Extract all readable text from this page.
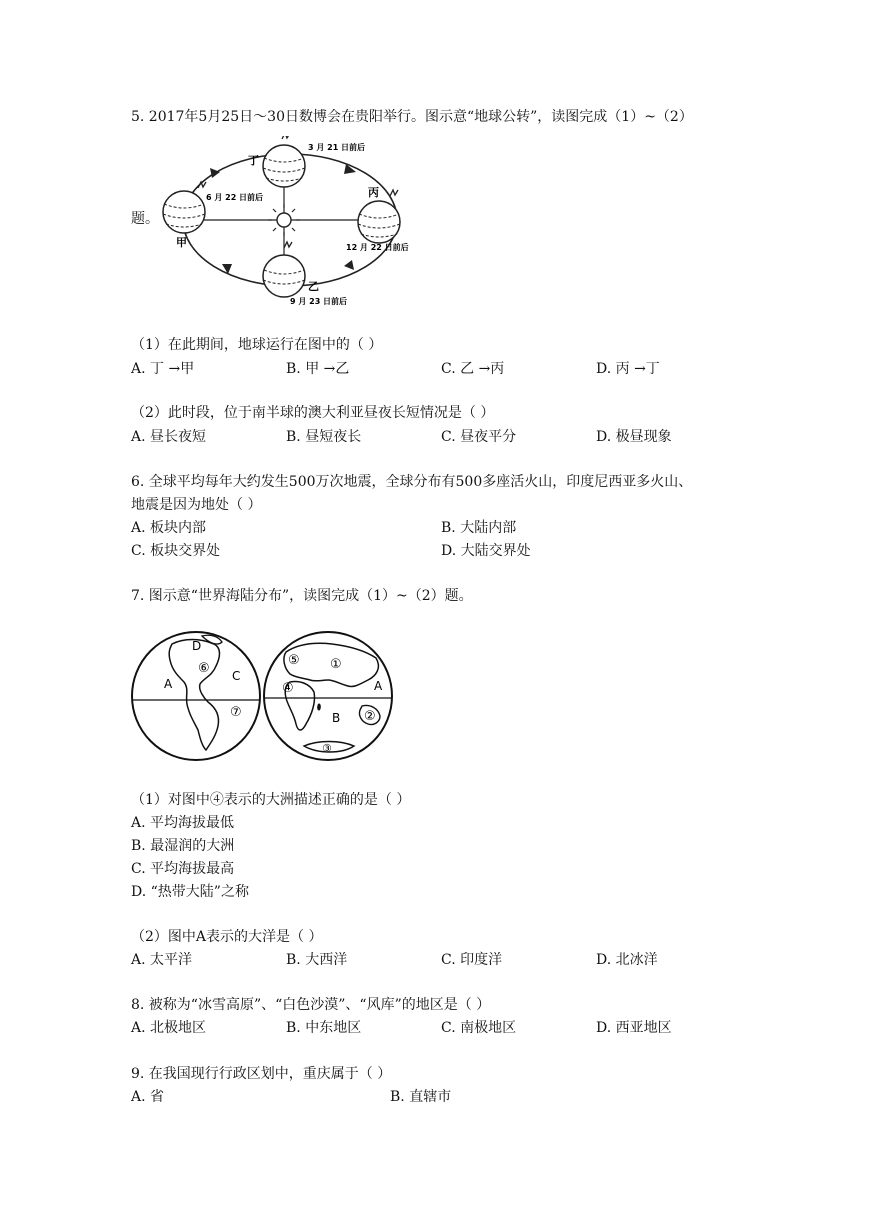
5. 2017年5月25日～30日数博会在贵阳举行。图示意“地球公转”，读图完成（1）~（2）
题。
丁
3 月 21 日前后
6 月 22 日前后
甲
丙
12 月 22 日前后
乙
9 月 23 日前后
（1）在此期间，地球运行在图中的（ ）
A. 丁 →甲	B. 甲 →乙	C. 乙 →丙	D. 丙 →丁
（2）此时段，位于南半球的澳大利亚昼夜长短情况是（ ）
A. 昼长夜短	B. 昼短夜长	C. 昼夜平分	D. 极昼现象
6. 全球平均每年大约发生500万次地震，全球分布有500多座活火山，印度尼西亚多火山、
地震是因为地处（ ）
A. 板块内部	B. 大陆内部
C. 板块交界处	D. 大陆交界处
7. 图示意“世界海陆分布”，读图完成（1）~（2）题。
A
C
D
⑥
⑦
⑤ ①
④	A
B ②
③
（1）对图中④表示的大洲描述正确的是（ ）
A. 平均海拔最低
B. 最湿润的大洲
C. 平均海拔最高
D. “热带大陆”之称
（2）图中A表示的大洋是（ ）
A. 太平洋	B. 大西洋	C. 印度洋	D. 北冰洋
8. 被称为“冰雪高原”、“白色沙漠”、“风库”的地区是（ ）
A. 北极地区	B. 中东地区	C. 南极地区	D. 西亚地区
9. 在我国现行行政区划中，重庆属于（ ）
A. 省	B. 直辖市
